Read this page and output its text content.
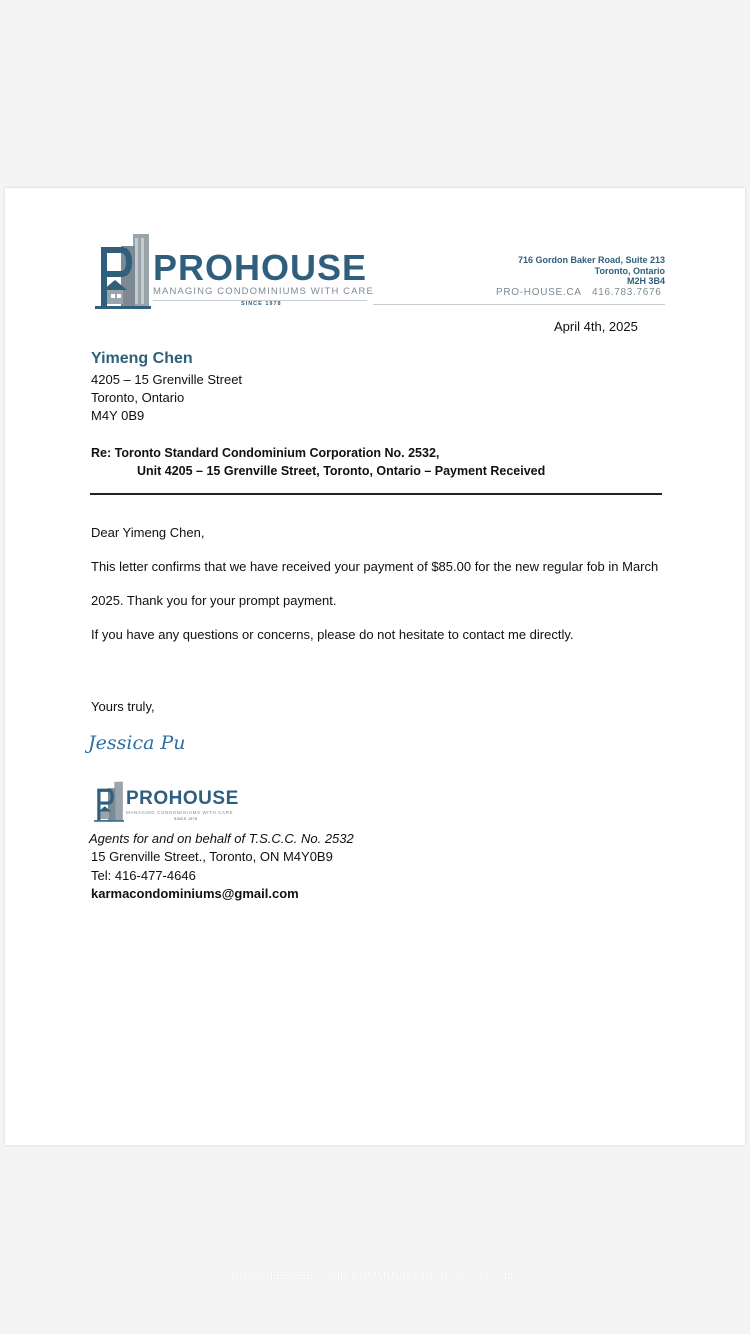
PROHOUSE
MANAGING CONDOMINIUMS WITH CARE
SINCE 1978
716 Gordon Baker Road, Suite 213
Toronto, Ontario
M2H 3B4
PRO-HOUSE.CA 416.783.7676
April 4th, 2025
Yimeng Chen
4205 – 15 Grenville Street
Toronto, Ontario
M4Y 0B9
Re: Toronto Standard Condominium Corporation No. 2532,
Unit 4205 – 15 Grenville Street, Toronto, Ontario – Payment Received
Dear Yimeng Chen,
This letter confirms that we have received your payment of $85.00 for the new regular fob in March
2025. Thank you for your prompt payment.
If you have any questions or concerns, please do not hesitate to contact me directly.
Yours truly,
Jessica Pu
PROHOUSE
MANAGING CONDOMINIUMS WITH CARE
SINCE 1978
Agents for and on behalf of T.S.C.C. No. 2532
15 Grenville Street., Toronto, ON M4Y0B9
Tel: 416-477-4646
karmacondominiums@gmail.com
ROYAL LEPAGE YOUR COMMUNITY REALTY, Brokerage
